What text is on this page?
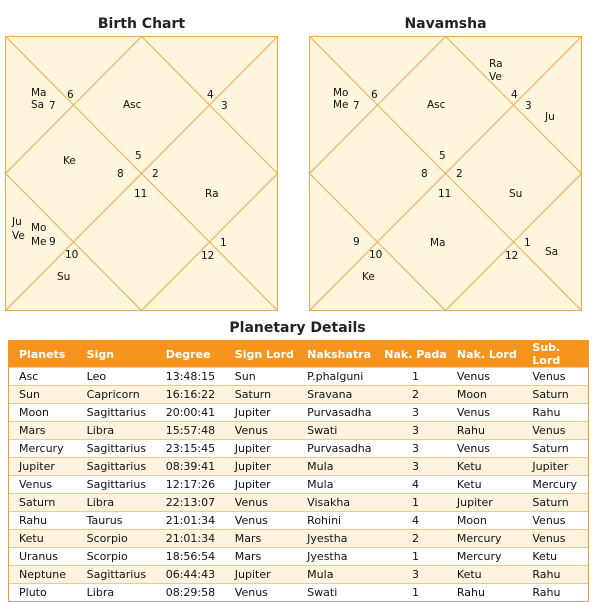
Birth Chart
Ma
Sa
6
7	Asc
4
3
Ke	5
8	2
11	Ra
Ju
Ve
Mo
Me 9
10
1
12
Su
Navamsha
Mo
Me
6
7	Asc
Ra
Ve
4
3
Ju
5
8	2
11	Su
9
10
Ma
Ke
1
12	Sa
Planetary Details
Planets	Sign	Degree	Sign Lord	Nakshatra	Nak. Pada	Nak. Lord	Sub. Lord
Asc	Leo	13:48:15	Sun	P.phalguni	1	Venus	Venus
Sun	Capricorn	16:16:22	Saturn	Sravana	2	Moon	Saturn
Moon	Sagittarius	20:00:41	Jupiter	Purvasadha	3	Venus	Rahu
Mars	Libra	15:57:48	Venus	Swati	3	Rahu	Venus
Mercury	Sagittarius	23:15:45	Jupiter	Purvasadha	3	Venus	Saturn
Jupiter	Sagittarius	08:39:41	Jupiter	Mula	3	Ketu	Jupiter
Venus	Sagittarius	12:17:26	Jupiter	Mula	4	Ketu	Mercury
Saturn	Libra	22:13:07	Venus	Visakha	1	Jupiter	Saturn
Rahu	Taurus	21:01:34	Venus	Rohini	4	Moon	Venus
Ketu	Scorpio	21:01:34	Mars	Jyestha	2	Mercury	Venus
Uranus	Scorpio	18:56:54	Mars	Jyestha	1	Mercury	Ketu
Neptune	Sagittarius	06:44:43	Jupiter	Mula	3	Ketu	Rahu
Pluto	Libra	08:29:58	Venus	Swati	1	Rahu	Rahu
